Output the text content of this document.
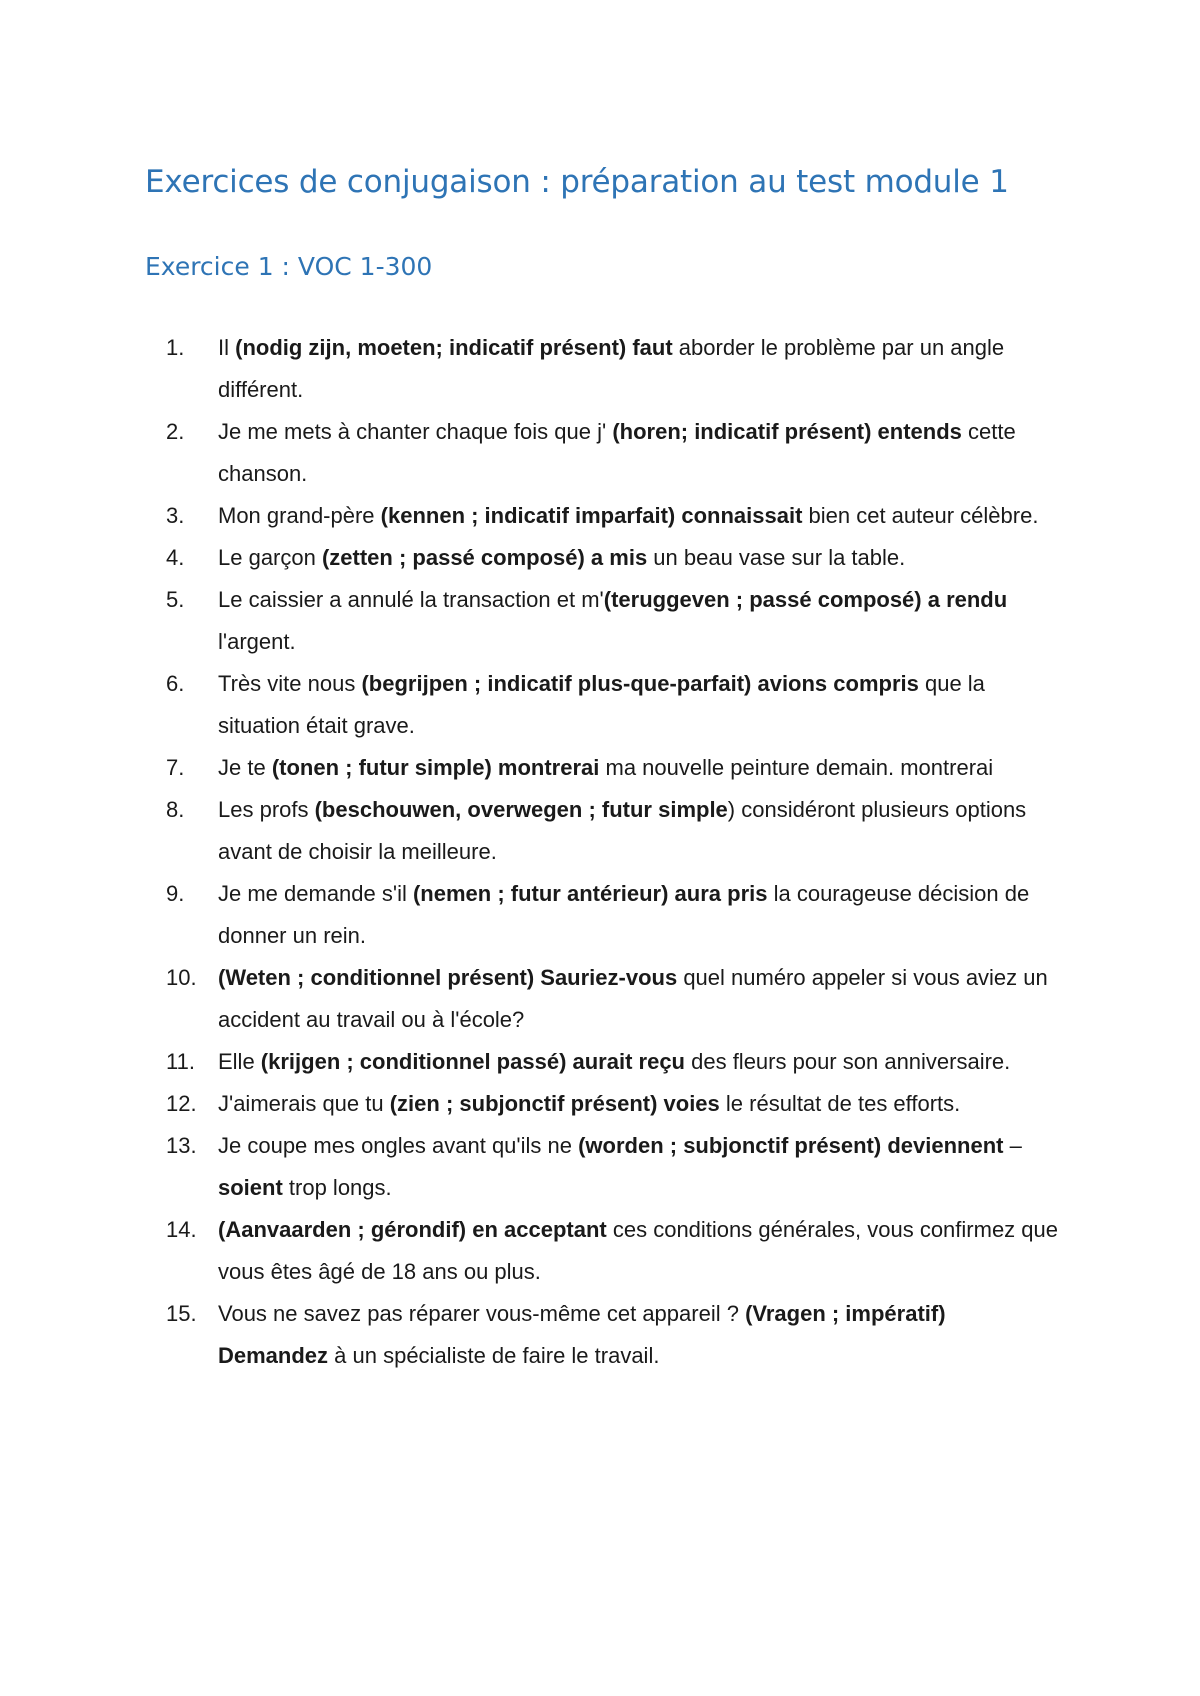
Exercices de conjugaison : préparation au test module 1
Exercice 1 : VOC 1-300
1.	Il (nodig zijn, moeten; indicatif présent) faut aborder le problème par un angle différent.
2.	Je me mets à chanter chaque fois que j' (horen; indicatif présent) entends cette chanson.
3.	Mon grand-père (kennen ; indicatif imparfait) connaissait bien cet auteur célèbre.
4.	Le garçon (zetten ; passé composé) a mis un beau vase sur la table.
5.	Le caissier a annulé la transaction et m'(teruggeven ; passé composé) a rendu l'argent.
6.	Très vite nous (begrijpen ; indicatif plus-que-parfait) avions compris que la situation était grave.
7.	Je te (tonen ; futur simple) montrerai ma nouvelle peinture demain. montrerai
8.	Les profs (beschouwen, overwegen ; futur simple) considéront plusieurs options avant de choisir la meilleure.
9.	Je me demande s'il (nemen ; futur antérieur) aura pris la courageuse décision de donner un rein.
10. (Weten ; conditionnel présent) Sauriez-vous quel numéro appeler si vous aviez un accident au travail ou à l'école?
11.	Elle (krijgen ; conditionnel passé) aurait reçu des fleurs pour son anniversaire.
12. J'aimerais que tu (zien ; subjonctif présent) voies le résultat de tes efforts.
13. Je coupe mes ongles avant qu'ils ne (worden ; subjonctif présent) deviennent – soient trop longs.
14. (Aanvaarden ; gérondif) en acceptant ces conditions générales, vous confirmez que vous êtes âgé de 18 ans ou plus.
15. Vous ne savez pas réparer vous-même cet appareil ? (Vragen ; impératif) Demandez à un spécialiste de faire le travail.
